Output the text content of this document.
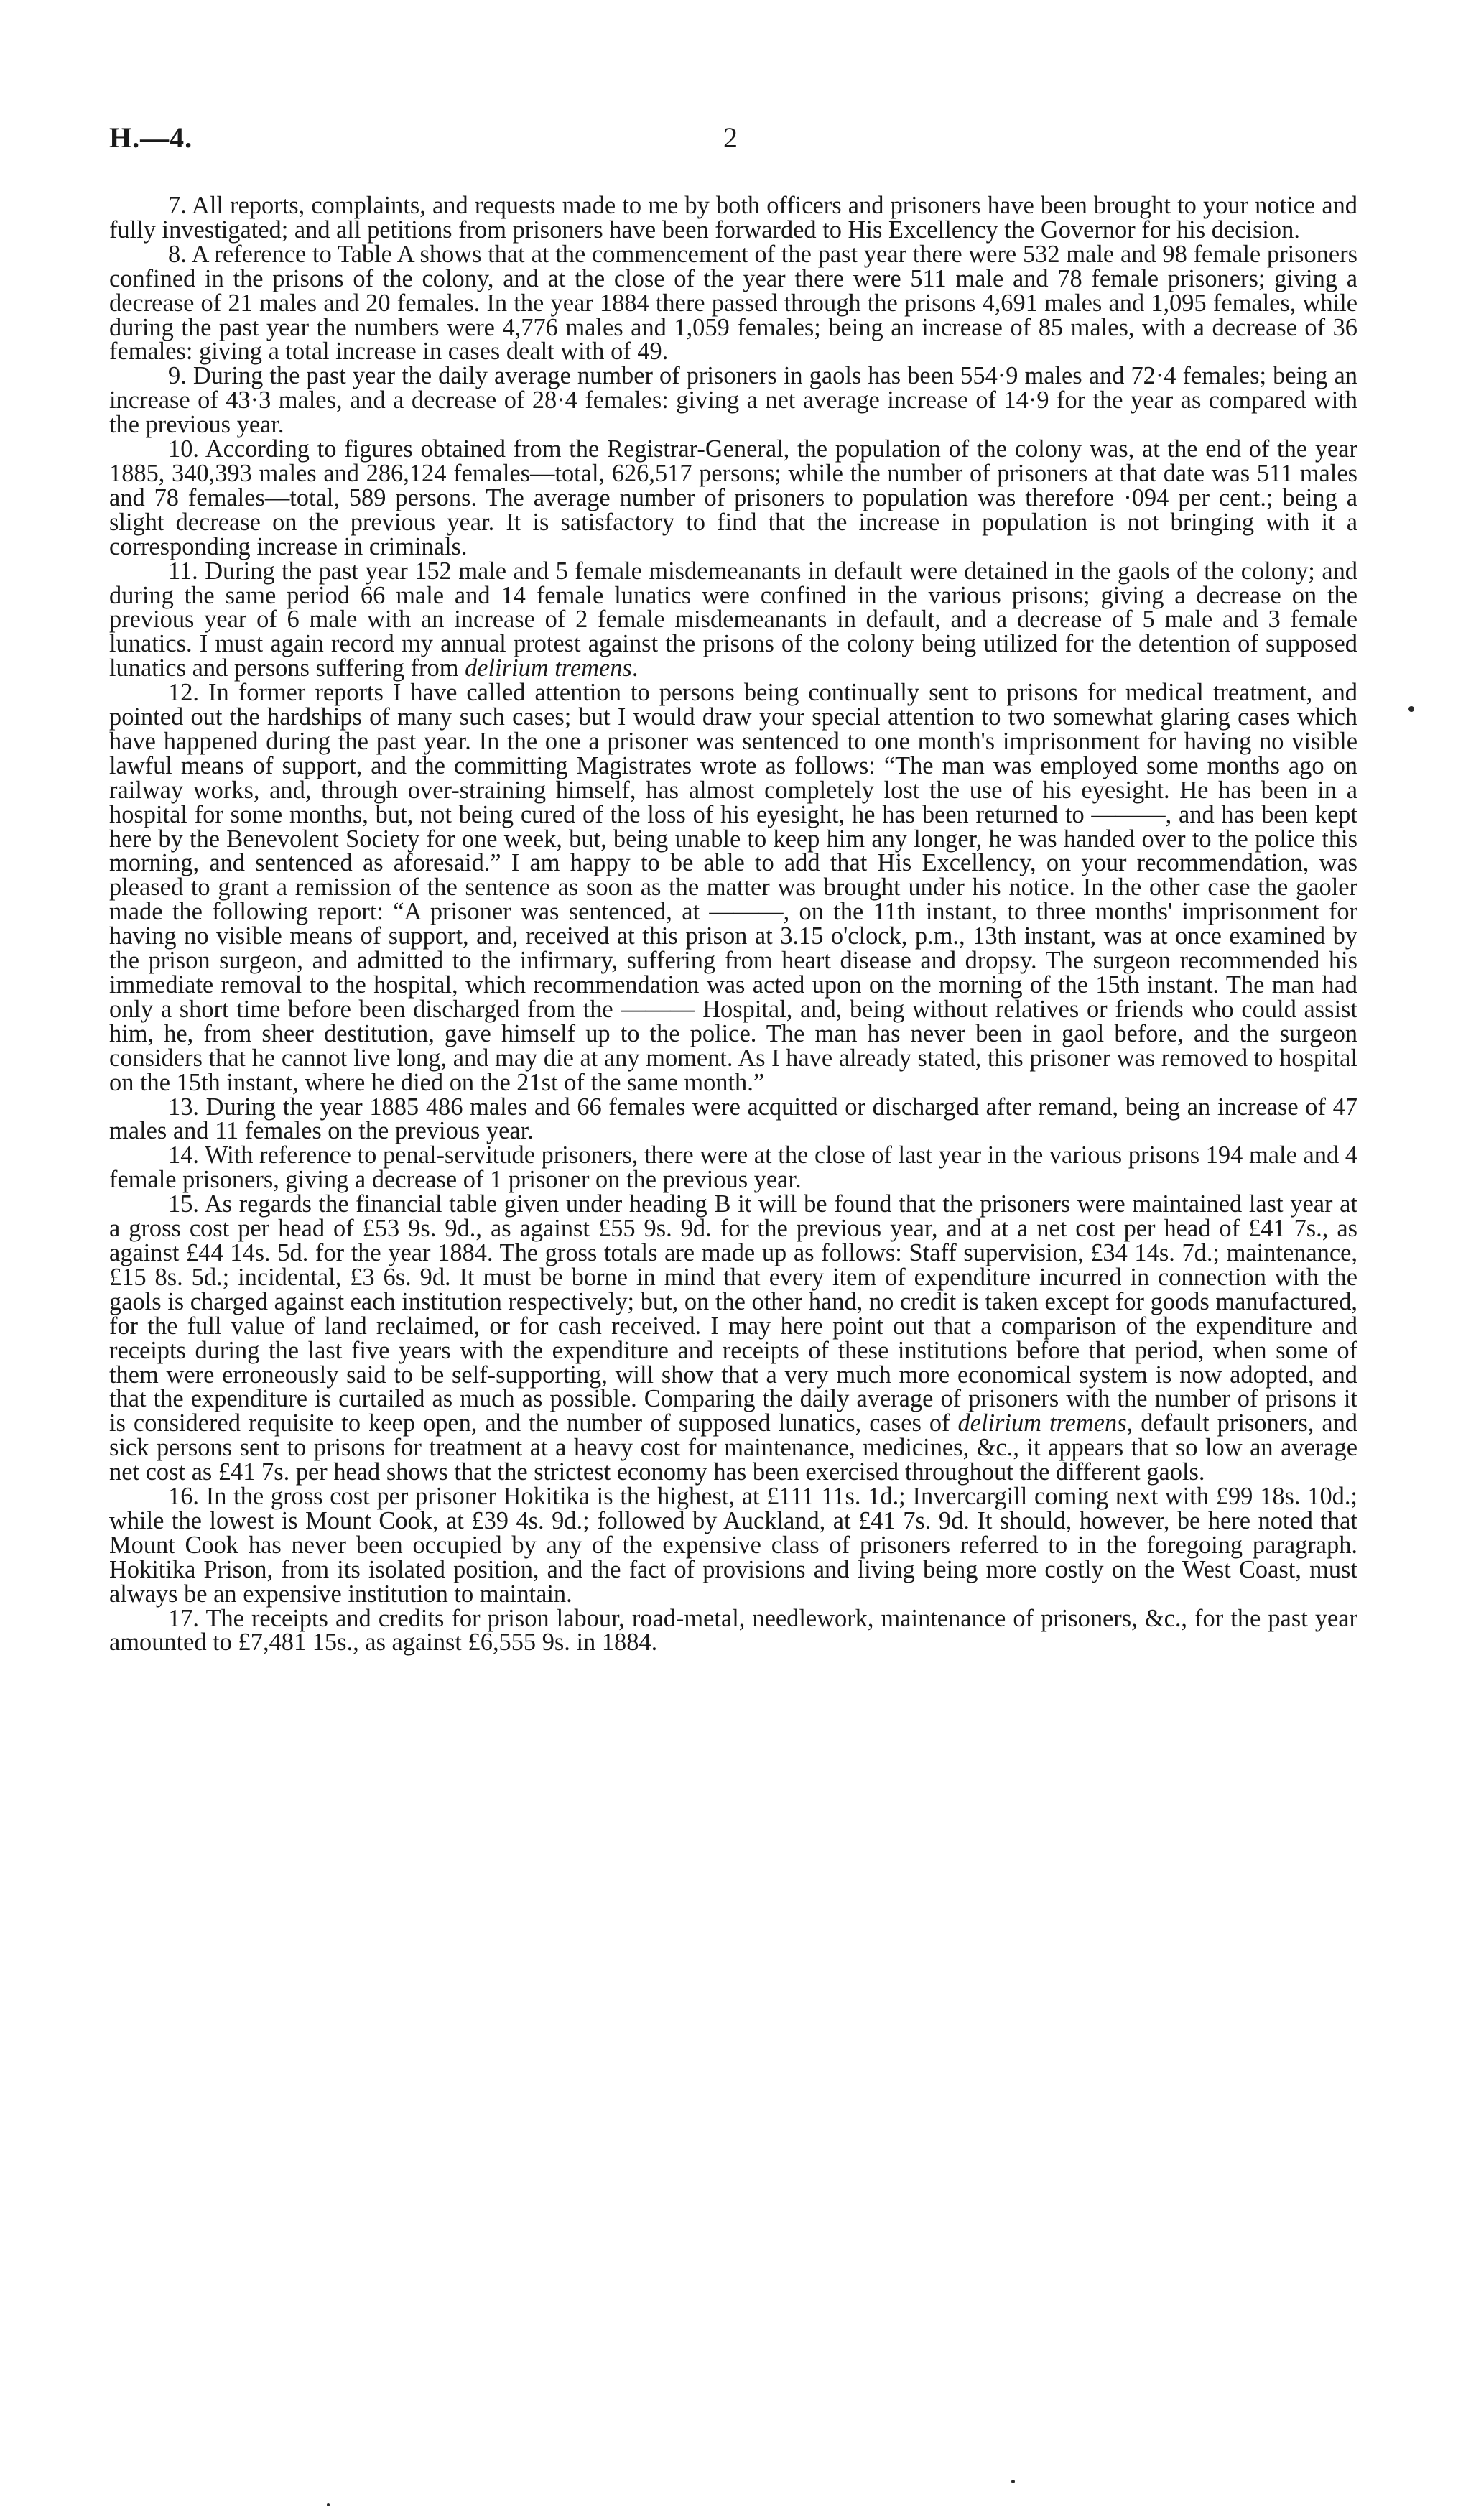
H.—4.	2

7. All reports, complaints, and requests made to me by both officers and prisoners have been brought to your notice and fully investigated; and all petitions from prisoners have been forwarded to His Excellency the Governor for his decision.

8. A reference to Table A shows that at the commencement of the past year there were 532 male and 98 female prisoners confined in the prisons of the colony, and at the close of the year there were 511 male and 78 female prisoners; giving a decrease of 21 males and 20 females. In the year 1884 there passed through the prisons 4,691 males and 1,095 females, while during the past year the numbers were 4,776 males and 1,059 females; being an increase of 85 males, with a decrease of 36 females: giving a total increase in cases dealt with of 49.

9. During the past year the daily average number of prisoners in gaols has been 554·9 males and 72·4 females; being an increase of 43·3 males, and a decrease of 28·4 females: giving a net average increase of 14·9 for the year as compared with the previous year.

10. According to figures obtained from the Registrar-General, the population of the colony was, at the end of the year 1885, 340,393 males and 286,124 females—total, 626,517 persons; while the number of prisoners at that date was 511 males and 78 females—total, 589 persons. The average number of prisoners to population was therefore ·094 per cent.; being a slight decrease on the previous year. It is satisfactory to find that the increase in population is not bringing with it a corresponding increase in criminals.

11. During the past year 152 male and 5 female misdemeanants in default were detained in the gaols of the colony; and during the same period 66 male and 14 female lunatics were confined in the various prisons; giving a decrease on the previous year of 6 male with an increase of 2 female misdemeanants in default, and a decrease of 5 male and 3 female lunatics. I must again record my annual protest against the prisons of the colony being utilized for the detention of supposed lunatics and persons suffering from delirium tremens.

12. In former reports I have called attention to persons being continually sent to prisons for medical treatment, and pointed out the hardships of many such cases; but I would draw your special attention to two somewhat glaring cases which have happened during the past year. In the one a prisoner was sentenced to one month's imprisonment for having no visible lawful means of support, and the committing Magistrates wrote as follows: “The man was employed some months ago on railway works, and, through over-straining himself, has almost completely lost the use of his eyesight. He has been in a hospital for some months, but, not being cured of the loss of his eyesight, he has been returned to ———, and has been kept here by the Benevolent Society for one week, but, being unable to keep him any longer, he was handed over to the police this morning, and sentenced as aforesaid.” I am happy to be able to add that His Excellency, on your recommendation, was pleased to grant a remission of the sentence as soon as the matter was brought under his notice. In the other case the gaoler made the following report: “A prisoner was sentenced, at ———, on the 11th instant, to three months' imprisonment for having no visible means of support, and, received at this prison at 3.15 o'clock, p.m., 13th instant, was at once examined by the prison surgeon, and admitted to the infirmary, suffering from heart disease and dropsy. The surgeon recommended his immediate removal to the hospital, which recommendation was acted upon on the morning of the 15th instant. The man had only a short time before been discharged from the ——— Hospital, and, being without relatives or friends who could assist him, he, from sheer destitution, gave himself up to the police. The man has never been in gaol before, and the surgeon considers that he cannot live long, and may die at any moment. As I have already stated, this prisoner was removed to hospital on the 15th instant, where he died on the 21st of the same month.”

13. During the year 1885 486 males and 66 females were acquitted or discharged after remand, being an increase of 47 males and 11 females on the previous year.

14. With reference to penal-servitude prisoners, there were at the close of last year in the various prisons 194 male and 4 female prisoners, giving a decrease of 1 prisoner on the previous year.

15. As regards the financial table given under heading B it will be found that the prisoners were maintained last year at a gross cost per head of £53 9s. 9d., as against £55 9s. 9d. for the previous year, and at a net cost per head of £41 7s., as against £44 14s. 5d. for the year 1884. The gross totals are made up as follows: Staff supervision, £34 14s. 7d.; maintenance, £15 8s. 5d.; incidental, £3 6s. 9d. It must be borne in mind that every item of expenditure incurred in connection with the gaols is charged against each institution respectively; but, on the other hand, no credit is taken except for goods manufactured, for the full value of land reclaimed, or for cash received. I may here point out that a comparison of the expenditure and receipts during the last five years with the expenditure and receipts of these institutions before that period, when some of them were erroneously said to be self-supporting, will show that a very much more economical system is now adopted, and that the expenditure is curtailed as much as possible. Comparing the daily average of prisoners with the number of prisons it is considered requisite to keep open, and the number of supposed lunatics, cases of delirium tremens, default prisoners, and sick persons sent to prisons for treatment at a heavy cost for maintenance, medicines, &c., it appears that so low an average net cost as £41 7s. per head shows that the strictest economy has been exercised throughout the different gaols.

16. In the gross cost per prisoner Hokitika is the highest, at £111 11s. 1d.; Invercargill coming next with £99 18s. 10d.; while the lowest is Mount Cook, at £39 4s. 9d.; followed by Auckland, at £41 7s. 9d. It should, however, be here noted that Mount Cook has never been occupied by any of the expensive class of prisoners referred to in the foregoing paragraph. Hokitika Prison, from its isolated position, and the fact of provisions and living being more costly on the West Coast, must always be an expensive institution to maintain.

17. The receipts and credits for prison labour, road-metal, needlework, maintenance of prisoners, &c., for the past year amounted to £7,481 15s., as against £6,555 9s. in 1884.
